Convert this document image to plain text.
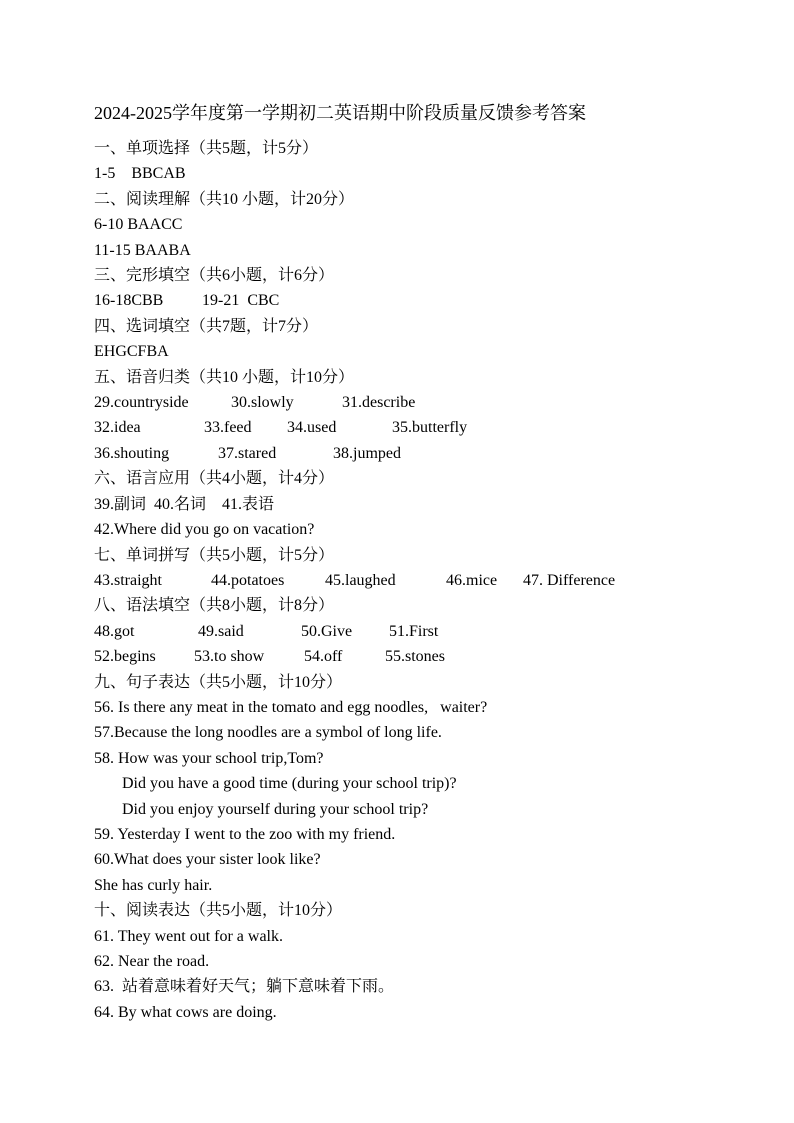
2024-2025学年度第一学期初二英语期中阶段质量反馈参考答案
一、单项选择（共5题，计5分）
1-5    BBCAB
二、阅读理解（共10 小题，计20分）
6-10 BAACC
11-15 BAABA
三、完形填空（共6小题，计6分）
16-18CBB 19-21  CBC
四、选词填空（共7题，计7分）
EHGCFBA
五、语音归类（共10 小题，计10分）
29.countryside	30.slowly	31.describe
32.idea	33.feed 34.used	35.butterfly
36.shouting	37.stared	38.jumped
六、语言应用（共4小题，计4分）
39.副词  40.名词    41.表语
42.Where did you go on vacation?
七、单词拼写（共5小题，计5分）
43.straight	44.potatoes	45.laughed	46.mice 47. Difference
八、语法填空（共8小题，计8分）
48.got	49.said	50.Give 51.First
52.begins 53.to show 54.off	55.stones
九、句子表达（共5小题，计10分）
56. Is there any meat in the tomato and egg noodles,   waiter?
57.Because the long noodles are a symbol of long life.
58. How was your school trip,Tom?
Did you have a good time (during your school trip)?
Did you enjoy yourself during your school trip?
59. Yesterday I went to the zoo with my friend.
60.What does your sister look like?
She has curly hair.
十、阅读表达（共5小题，计10分）
61. They went out for a walk.
62. Near the road.
63.  站着意味着好天气；躺下意味着下雨。
64. By what cows are doing.
